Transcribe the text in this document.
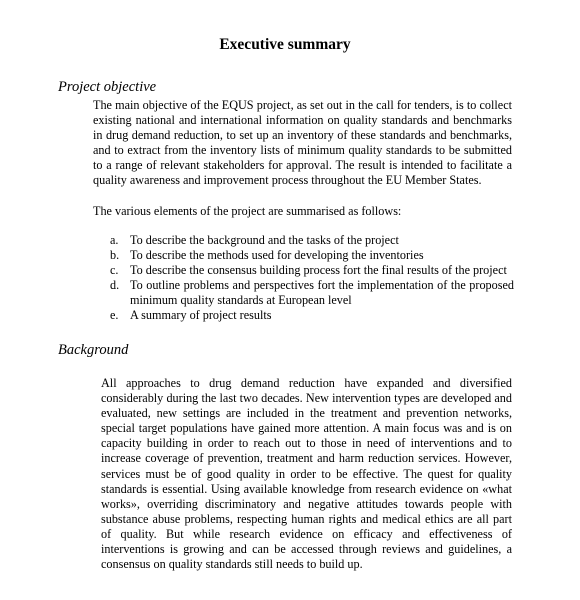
Executive summary
Project objective

The main objective of the EQUS project, as set out in the call for tenders, is to collect existing national and international information on quality standards and benchmarks in drug demand reduction, to set up an inventory of these standards and benchmarks, and to extract from the inventory lists of minimum quality standards to be submitted to a range of relevant stakeholders for approval. The result is intended to facilitate a quality awareness and improvement process throughout the EU Member States.

The various elements of the project are summarised as follows:

a. To describe the background and the tasks of the project
b. To describe the methods used for developing the inventories
c. To describe the consensus building process fort the final results of the project
d. To outline problems and perspectives fort the implementation of the proposed minimum quality standards at European level
e. A summary of project results
Background

All approaches to drug demand reduction have expanded and diversified considerably during the last two decades. New intervention types are developed and evaluated, new settings are included in the treatment and prevention networks, special target populations have gained more attention. A main focus was and is on capacity building in order to reach out to those in need of interventions and to increase coverage of prevention, treatment and harm reduction services. However, services must be of good quality in order to be effective. The quest for quality standards is essential. Using available knowledge from research evidence on «what works», overriding discriminatory and negative attitudes towards people with substance abuse problems, respecting human rights and medical ethics are all part of quality. But while research evidence on efficacy and effectiveness of interventions is growing and can be accessed through reviews and guidelines, a consensus on quality standards still needs to build up.
